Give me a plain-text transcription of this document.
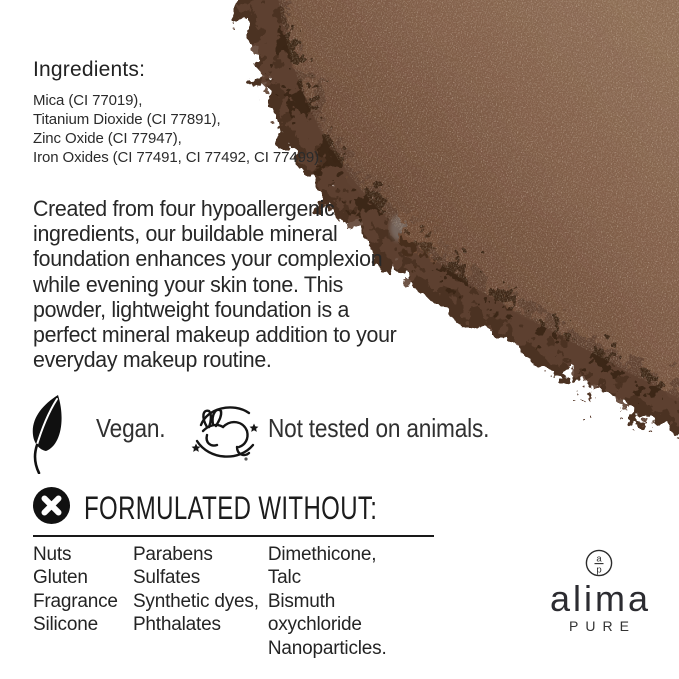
Ingredients:
Mica (CI 77019),
Titanium Dioxide (CI 77891),
Zinc Oxide (CI 77947),
Iron Oxides (CI 77491, CI 77492, CI 77499).
Created from four hypoallergenic
ingredients, our buildable mineral
foundation enhances your complexion
while evening your skin tone. This
powder, lightweight foundation is a
perfect mineral makeup addition to your
everyday makeup routine.
Vegan.	Not tested on animals.
FORMULATED WITHOUT:
Nuts
Gluten
Fragrance
Silicone
Parabens
Sulfates
Synthetic dyes,
Phthalates
Dimethicone,
Talc
Bismuth oxychloride
Nanoparticles.
a
p
alima
PURE
